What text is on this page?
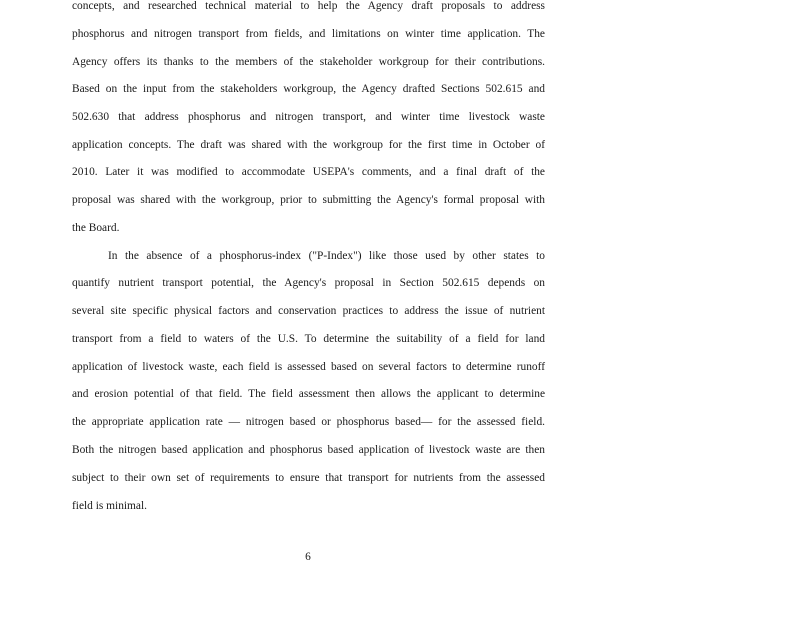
concepts, and researched technical material to help the Agency draft proposals to address
phosphorus and nitrogen transport from fields, and limitations on winter time application. The
Agency offers its thanks to the members of the stakeholder workgroup for their contributions.
Based on the input from the stakeholders workgroup, the Agency drafted Sections 502.615 and
502.630 that address phosphorus and nitrogen transport, and winter time livestock waste
application concepts. The draft was shared with the workgroup for the first time in October of
2010. Later it was modified to accommodate USEPA's comments, and a final draft of the
proposal was shared with the workgroup, prior to submitting the Agency's formal proposal with
the Board.
In the absence of a phosphorus-index ("P-Index") like those used by other states to
quantify nutrient transport potential, the Agency's proposal in Section 502.615 depends on
several site specific physical factors and conservation practices to address the issue of nutrient
transport from a field to waters of the U.S. To determine the suitability of a field for land
application of livestock waste, each field is assessed based on several factors to determine runoff
and erosion potential of that field. The field assessment then allows the applicant to determine
the appropriate application rate — nitrogen based or phosphorus based— for the assessed field.
Both the nitrogen based application and phosphorus based application of livestock waste are then
subject to their own set of requirements to ensure that transport for nutrients from the assessed
field is minimal.
6
